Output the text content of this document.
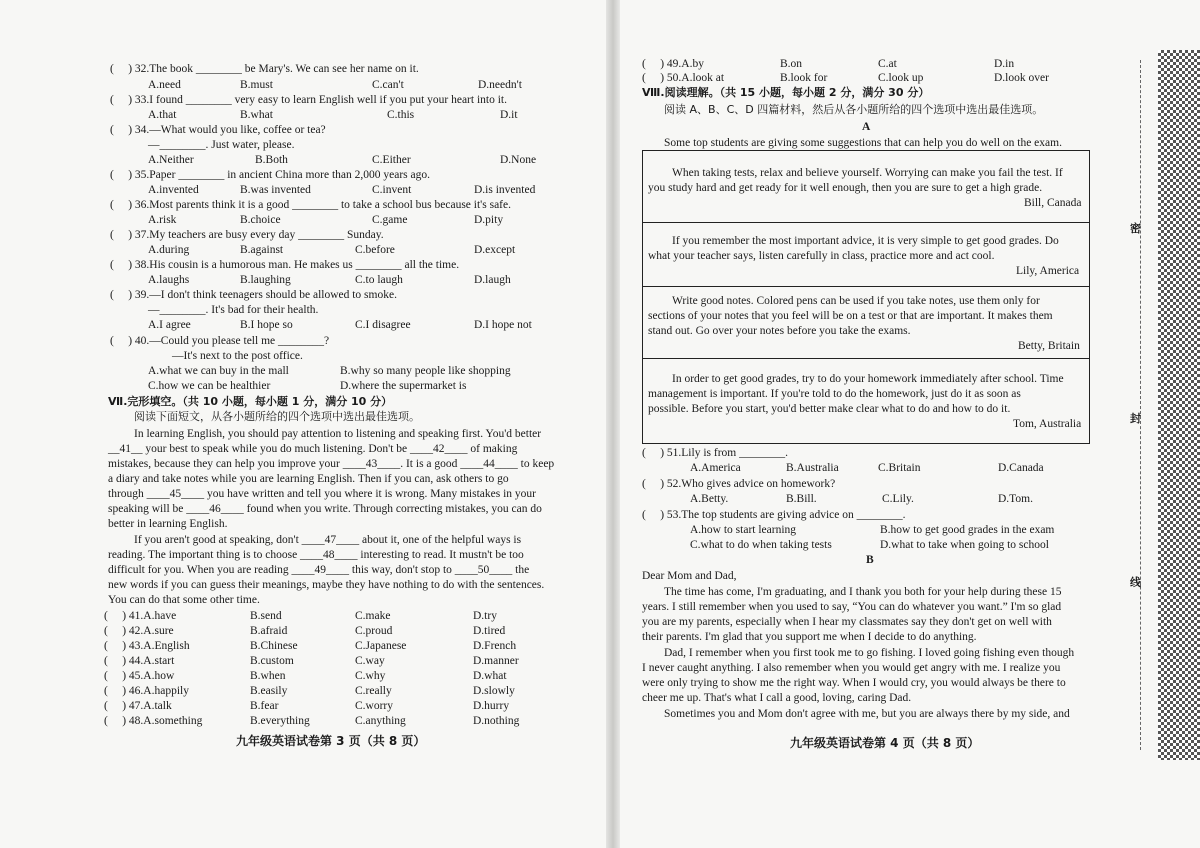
( 　) 32.The book ________ be Mary's. We can see her name on it.
A.need	B.must	C.can't	D.needn't
( 　) 33.I found ________ very easy to learn English well if you put your heart into it.
A.that	B.what	C.this	D.it
( 　) 34.—What would you like, coffee or tea?
—________. Just water, please.
A.Neither	B.Both	C.Either	D.None
( 　) 35.Paper ________ in ancient China more than 2,000 years ago.
A.invented	B.was invented	C.invent	D.is invented
( 　) 36.Most parents think it is a good ________ to take a school bus because it's safe.
A.risk	B.choice	C.game	D.pity
( 　) 37.My teachers are busy every day ________ Sunday.
A.during	B.against	C.before	D.except
( 　) 38.His cousin is a humorous man. He makes us ________ all the time.
A.laughs	B.laughing	C.to laugh	D.laugh
( 　) 39.—I don't think teenagers should be allowed to smoke.
—________. It's bad for their health.
A.I agree	B.I hope so	C.I disagree	D.I hope not
( 　) 40.—Could you please tell me ________?
—It's next to the post office.
A.what we can buy in the mall	B.why so many people like shopping
C.how we can be healthier	D.where the supermarket is
Ⅶ.完形填空。（共 10 小题，每小题 1 分，满分 10 分）
阅读下面短文，从各小题所给的四个选项中选出最佳选项。
In learning English, you should pay attention to listening and speaking first. You'd better
__41__ your best to speak while you do much listening. Don't be ____42____ of making
mistakes, because they can help you improve your ____43____. It is a good ____44____ to keep
a diary and take notes while you are learning English. Then if you can, ask others to go
through ____45____ you have written and tell you where it is wrong. Many mistakes in your
speaking will be ____46____ found when you write. Through correcting mistakes, you can do
better in learning English.
If you aren't good at speaking, don't ____47____ about it, one of the helpful ways is
reading. The important thing is to choose ____48____ interesting to read. It mustn't be too
difficult for you. When you are reading ____49____ this way, don't stop to ____50____ the
new words if you can guess their meanings, maybe they have nothing to do with the sentences.
You can do that some other time.
( 　) 41.A.have	B.send	C.make	D.try
( 　) 42.A.sure	B.afraid	C.proud	D.tired
( 　) 43.A.English	B.Chinese	C.Japanese	D.French
( 　) 44.A.start	B.custom	C.way	D.manner
( 　) 45.A.how	B.when	C.why	D.what
( 　) 46.A.happily	B.easily	C.really	D.slowly
( 　) 47.A.talk	B.fear	C.worry	D.hurry
( 　) 48.A.something	B.everything	C.anything	D.nothing
九年级英语试卷第 3 页（共 8 页）
( 　) 49.A.by	B.on	C.at	D.in
( 　) 50.A.look at	B.look for	C.look up	D.look over
Ⅷ.阅读理解。（共 15 小题，每小题 2 分，满分 30 分）
阅读 A、B、C、D 四篇材料，然后从各小题所给的四个选项中选出最佳选项。
A
Some top students are giving some suggestions that can help you do well on the exam.
When taking tests, relax and believe yourself. Worrying can make you fail the test. If
you study hard and get ready for it well enough, then you are sure to get a high grade.
Bill, Canada
If you remember the most important advice, it is very simple to get good grades. Do
what your teacher says, listen carefully in class, practice more and act cool.
Lily, America
Write good notes. Colored pens can be used if you take notes, use them only for
sections of your notes that you feel will be on a test or that are important. It makes them
stand out. Go over your notes before you take the exams.
Betty, Britain
In order to get good grades, try to do your homework immediately after school. Time
management is important. If you're told to do the homework, just do it as soon as
possible. Before you start, you'd better make clear what to do and how to do it.
Tom, Australia
( 　) 51.Lily is from ________.
A.America	B.Australia	C.Britain	D.Canada
( 　) 52.Who gives advice on homework?
A.Betty.	B.Bill.	C.Lily.	D.Tom.
( 　) 53.The top students are giving advice on ________.
A.how to start learning	B.how to get good grades in the exam
C.what to do when taking tests	D.what to take when going to school
B
Dear Mom and Dad,
The time has come, I'm graduating, and I thank you both for your help during these 15
years. I still remember when you used to say, “You can do whatever you want.” I'm so glad
you are my parents, especially when I hear my classmates say they don't get on well with
their parents. I'm glad that you support me when I decide to do anything.
Dad, I remember when you first took me to go fishing. I loved going fishing even though
I never caught anything. I also remember when you would get angry with me. I realize you
were only trying to show me the right way. When I would cry, you would always be there to
cheer me up. That's what I call a good, loving, caring Dad.
Sometimes you and Mom don't agree with me, but you are always there by my side, and
九年级英语试卷第 4 页（共 8 页）
密
封
线
